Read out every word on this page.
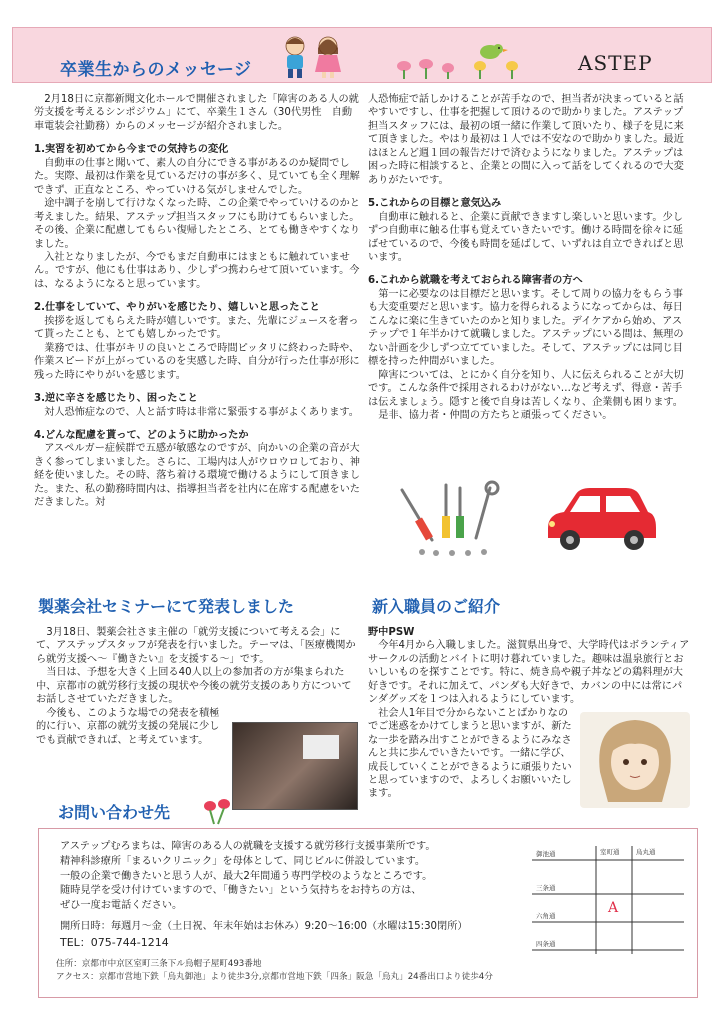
卒業生からのメッセージ	ASTEP

2月18日に京都新聞文化ホールで開催されました「障害のある人の就労支援を考えるシンポジウム」にて、卒業生１さん（30代男性　自動車電装会社勤務）からのメッセージが紹介されました。

1.実習を初めてから今までの気持ちの変化

自動車の仕事と聞いて、素人の自分にできる事があるのか疑問でした。実際、最初は作業を見ているだけの事が多く、見ていても全く理解できず、正直なところ、やっていける気がしませんでした。

途中調子を崩して行けなくなった時、この企業でやっていけるのかと考えました。結果、アステップ担当スタッフにも助けてもらいました。その後、企業に配慮してもらい復帰したところ、とても働きやすくなりました。

入社となりましたが、今でもまだ自動車にはまともに触れていません。ですが、他にも仕事はあり、少しずつ携わらせて頂いています。今は、なるようになると思っています。

2.仕事をしていて、やりがいを感じたり、嬉しいと思ったこと

挨拶を返してもらえた時が嬉しいです。また、先輩にジュースを奢って貰ったことも、とても嬉しかったです。

業務では、仕事がキリの良いところで時間ピッタリに終わった時や、作業スピードが上がっているのを実感した時、自分が行った仕事が形に残った時にやりがいを感じます。

3.逆に辛さを感じたり、困ったこと

対人恐怖症なので、人と話す時は非常に緊張する事がよくあります。

4.どんな配慮を貰って、どのように助かったか

アスペルガー症候群で五感が敏感なのですが、向かいの企業の音が大きく参ってしまいました。さらに、工場内は人がウロウロしており、神経を使いました。その時、落ち着ける環境で働けるようにして頂きました。また、私の勤務時間内は、指導担当者を社内に在席する配慮をいただきました。対

人恐怖症で話しかけることが苦手なので、担当者が決まっていると話やすいですし、仕事を把握して頂けるので助かりました。アステップ担当スタッフには、最初の頃一緒に作業して頂いたり、様子を見に来て頂きました。やはり最初は１人では不安なので助かりました。最近はほとんど週１回の報告だけで済むようになりました。アステップは困った時に相談すると、企業との間に入って話をしてくれるので大変ありがたいです。

5.これからの目標と意気込み

自動車に触れると、企業に貢献できますし楽しいと思います。少しずつ自動車に触る仕事も覚えていきたいです。働ける時間を徐々に延ばせているので、今後も時間を延ばして、いずれは自立できればと思います。

6.これから就職を考えておられる障害者の方へ

第一に必要なのは目標だと思います。そして周りの協力をもらう事も大変重要だと思います。協力を得られるようになってからは、毎日こんなに楽に生きていたのかと知りました。デイケアから始め、アステップで１年半かけて就職しました。アステップにいる間は、無理のない計画を少しずつ立てていました。そして、アステップには同じ目標を持った仲間がいました。

障害については、とにかく自分を知り、人に伝えられることが大切です。こんな条件で採用されるわけがない…など考えず、得意・苦手は伝えましょう。隠すと後で自身は苦しくなり、企業側も困ります。

是非、協力者・仲間の方たちと頑張ってください。

製薬会社セミナーにて発表しました

3月18日、製薬会社さま主催の「就労支援について考える会」にて、アステップスタッフが発表を行いました。テーマは、「医療機関から就労支援へ～『働きたい』を支援する～」です。

当日は、予想を大きく上回る40人以上の参加者の方が集まられた中、京都市の就労移行支援の現状や今後の就労支援のあり方についてお話しさせていただきました。

今後も、このような場での発表を積極的に行い、京都の就労支援の発展に少しでも貢献できれば、と考えています。

新入職員のご紹介

野中PSW

今年4月から入職しました。滋賀県出身で、大学時代はボランティアサークルの活動とバイトに明け暮れていました。趣味は温泉旅行とおいしいものを探すことです。特に、焼き鳥や親子丼などの鶏料理が大好きです。それに加えて、パンダも大好きで、カバンの中には常にパンダグッズを１つは入れるようにしています。

社会人1年目で分からないことばかりなのでご迷惑をかけてしまうと思いますが、新たな一歩を踏み出すことができるようにみなさんと共に歩んでいきたいです。一緒に学び、成長していくことができるように頑張りたいと思っていますので、よろしくお願いいたします。

お問い合わせ先

アステップむろまちは、障害のある人の就職を支援する就労移行支援事業所です。

精神科診療所「まるいクリニック」を母体として、同じビルに併設しています。

一般の企業で働きたいと思う人が、最大2年間通う専門学校のようなところです。

随時見学を受け付けていますので、「働きたい」という気持ちをお持ちの方は、

ぜひ一度お電話ください。

開所日時：毎週月～金（土日祝、年末年始はお休み）9:20～16:00（水曜は15:30閉所）

TEL：075-744-1214

住所：京都市中京区室町三条下ル烏帽子屋町493番地

アクセス：京都市営地下鉄「烏丸御池」より徒歩3分,京都市営地下鉄「四条」阪急「烏丸」24番出口より徒歩4分

御池通
三条通
六角通
四条通
室町通	烏丸通
A
